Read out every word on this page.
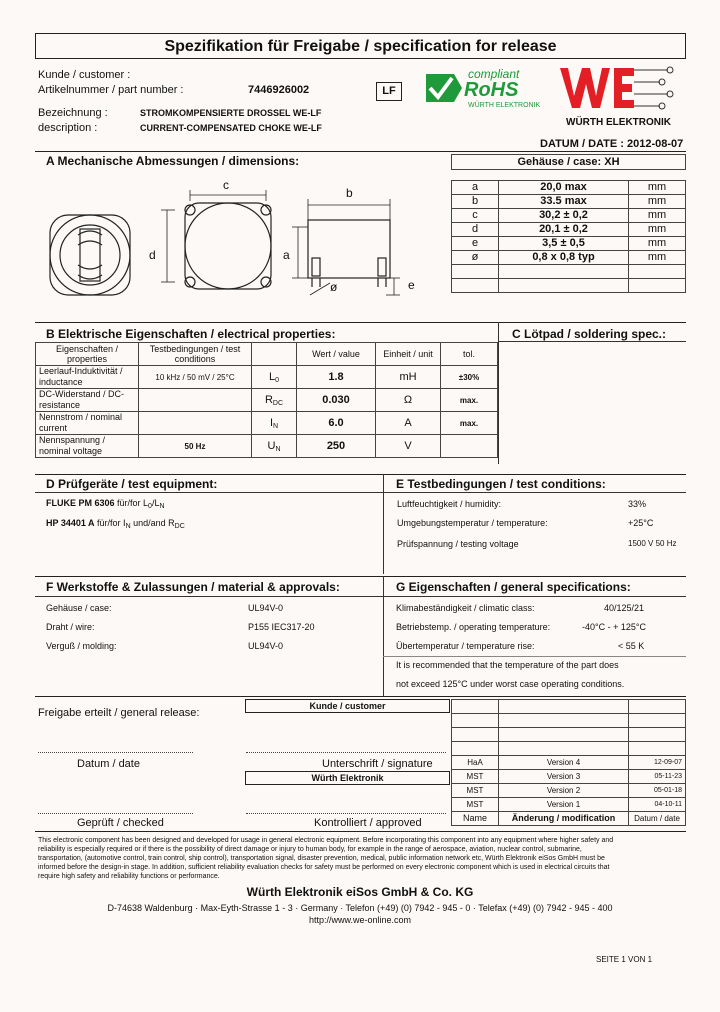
Spezifikation für Freigabe / specification for release
Kunde / customer :
Artikelnummer / part number :	7446926002	LF
Bezeichnung :	STROMKOMPENSIERTE DROSSEL WE-LF
description :	CURRENT-COMPENSATED CHOKE WE-LF
compliant
RoHS
WÜRTH ELEKTRONIK
WÜRTH ELEKTRONIK
DATUM / DATE : 2012-08-07
A Mechanische Abmessungen / dimensions:
c
b
d	a
ø	e
Gehäuse / case: XH		

a	20,0 max	mm
b	33.5 max	mm
c	30,2 ± 0,2	mm
d	20,1 ± 0,2	mm
e	3,5 ± 0,5	mm
ø	0,8 x 0,8 typ	mm

B Elektrische Eigenschaften / electrical properties:	C Lötpad / soldering spec.:
Eigenschaften / properties	Testbedingungen / test conditions		Wert / value	Einheit / unit	tol.
Leerlauf-Induktivität / inductance	10 kHz / 50 mV / 25°C	$L_0$	1.8	mH	±30%
DC-Widerstand / DC-resistance		$R_{DC}$	0.030	Ω	max.
Nennstrom / nominal current		$I_N$	6.0	A	max.
Nennspannung / nominal voltage	50 Hz	$U_N$	250	V	
D Prüfgeräte / test equipment:	E Testbedingungen / test conditions:
FLUKE PM 6306 für/for $L_0/L_N$
HP 34401 A für/for $I_N$ und/and $R_{DC}$
Luftfeuchtigkeit / humidity:	33%
Umgebungstemperatur / temperature:	+25°C
Prüfspannung / testing voltage	1500 V 50 Hz
F Werkstoffe & Zulassungen / material & approvals:	G Eigenschaften / general specifications:
Gehäuse / case:	UL94V-0
Draht / wire:	P155 IEC317-20
Verguß / molding:	UL94V-0
Klimabeständigkeit / climatic class:	40/125/21
Betriebstemp. / operating temperature:	-40°C - + 125°C
Übertemperatur / temperature rise:	< 55 K
It is recommended that the temperature of the part does
not exceed 125°C under worst case operating conditions.
Freigabe erteilt / general release:
Kunde / customer
Datum / date	Unterschrift / signature
Würth Elektronik
Geprüft / checked	Kontrolliert / approved

HaA	Version 4	12-09-07
MST	Version 3	05-11-23
MST	Version 2	05-01-18
MST	Version 1	04-10-11
Name	Änderung / modification	Datum / date
This electronic component has been designed and developed for usage in general electronic equipment. Before incorporating this component into any equipment where higher safety and
reliability is especially required or if there is the possibility of direct damage or injury to human body, for example in the range of aerospace, aviation, nuclear control, submarine,
transportation, (automotive control, train control, ship control), transportation signal, disaster prevention, medical, public information network etc, Würth Elektronik eiSos GmbH must be
informed before the design-in stage. In addition, sufficient reliability evaluation checks for safety must be performed on every electronic component which is used in electrical circuits that
require high safety and reliability functions or performance.
Würth Elektronik eiSos GmbH & Co. KG
D-74638 Waldenburg · Max-Eyth-Strasse 1 - 3 · Germany · Telefon (+49) (0) 7942 - 945 - 0 · Telefax (+49) (0) 7942 - 945 - 400
http://www.we-online.com
SEITE 1 VON 1
